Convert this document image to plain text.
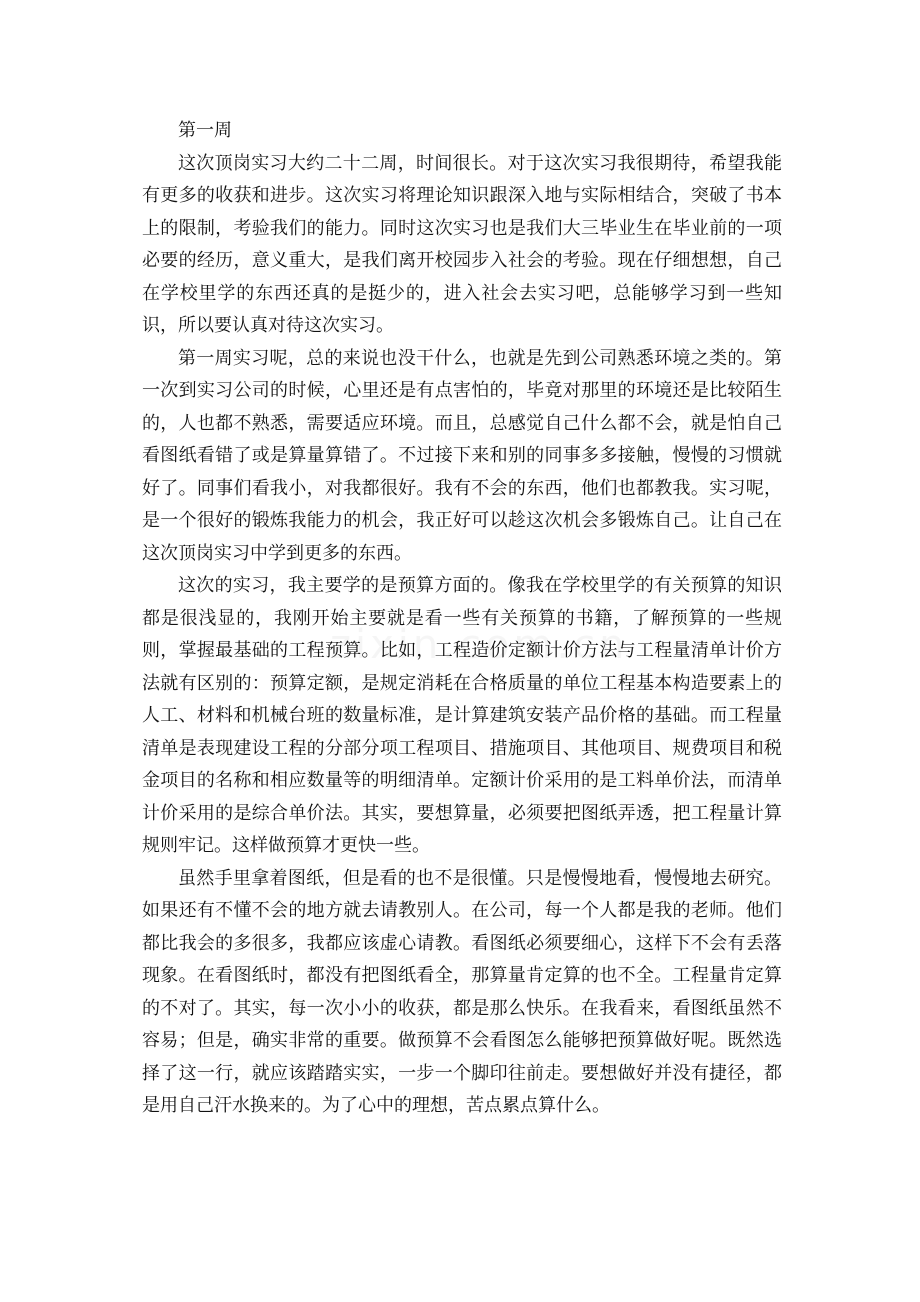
第一周

这次顶岗实习大约二十二周，时间很长。对于这次实习我很期待，希望我能有更多的收获和进步。这次实习将理论知识跟深入地与实际相结合，突破了书本上的限制，考验我们的能力。同时这次实习也是我们大三毕业生在毕业前的一项必要的经历，意义重大，是我们离开校园步入社会的考验。现在仔细想想，自己在学校里学的东西还真的是挺少的，进入社会去实习吧，总能够学习到一些知识，所以要认真对待这次实习。

第一周实习呢，总的来说也没干什么，也就是先到公司熟悉环境之类的。第一次到实习公司的时候，心里还是有点害怕的，毕竟对那里的环境还是比较陌生的，人也都不熟悉，需要适应环境。而且，总感觉自己什么都不会，就是怕自己看图纸看错了或是算量算错了。不过接下来和别的同事多多接触，慢慢的习惯就好了。同事们看我小，对我都很好。我有不会的东西，他们也都教我。实习呢，是一个很好的锻炼我能力的机会，我正好可以趁这次机会多锻炼自己。让自己在这次顶岗实习中学到更多的东西。

这次的实习，我主要学的是预算方面的。像我在学校里学的有关预算的知识都是很浅显的，我刚开始主要就是看一些有关预算的书籍，了解预算的一些规则，掌握最基础的工程预算。比如，工程造价定额计价方法与工程量清单计价方法就有区别的：预算定额，是规定消耗在合格质量的单位工程基本构造要素上的人工、材料和机械台班的数量标准，是计算建筑安装产品价格的基础。而工程量清单是表现建设工程的分部分项工程项目、措施项目、其他项目、规费项目和税金项目的名称和相应数量等的明细清单。定额计价采用的是工料单价法，而清单计价采用的是综合单价法。其实，要想算量，必须要把图纸弄透，把工程量计算规则牢记。这样做预算才更快一些。

虽然手里拿着图纸，但是看的也不是很懂。只是慢慢地看，慢慢地去研究。如果还有不懂不会的地方就去请教别人。在公司，每一个人都是我的老师。他们都比我会的多很多，我都应该虚心请教。看图纸必须要细心，这样下不会有丢落现象。在看图纸时，都没有把图纸看全，那算量肯定算的也不全。工程量肯定算的不对了。其实，每一次小小的收获，都是那么快乐。在我看来，看图纸虽然不容易；但是，确实非常的重要。做预算不会看图怎么能够把预算做好呢。既然选择了这一行，就应该踏踏实实，一步一个脚印往前走。要想做好并没有捷径，都是用自己汗水换来的。为了心中的理想，苦点累点算什么。
